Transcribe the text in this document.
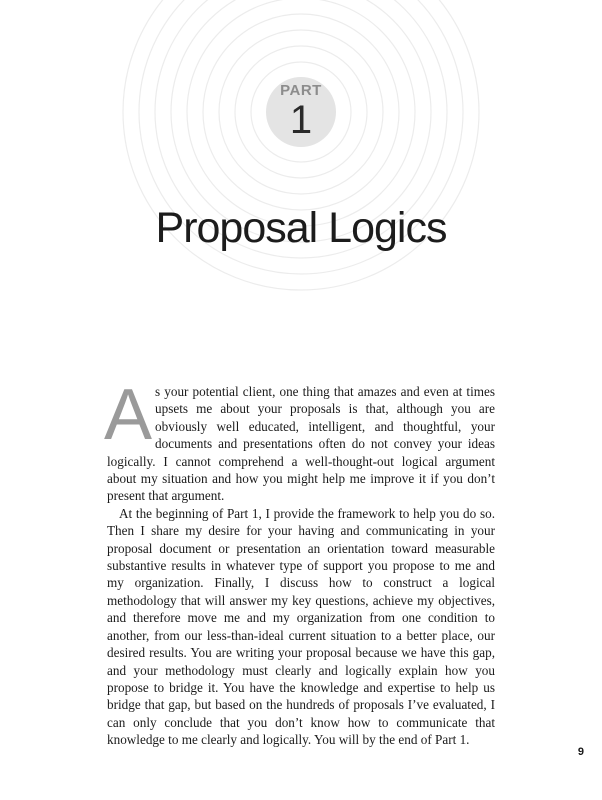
PART
1
Proposal Logics

As your potential client, one thing that amazes and even at times upsets me about your proposals is that, although you are obviously well educated, intelligent, and thoughtful, your documents and presentations often do not convey your ideas logically. I cannot comprehend a well-thought-out logical argument about my situation and how you might help me improve it if you don’t present that argument.

At the beginning of Part 1, I provide the framework to help you do so. Then I share my desire for your having and communicating in your proposal document or presentation an orientation toward measurable substantive results in whatever type of support you propose to me and my organization. Finally, I discuss how to construct a logical methodology that will answer my key questions, achieve my objectives, and therefore move me and my organization from one condition to another, from our less-than-ideal current situation to a better place, our desired results. You are writing your proposal because we have this gap, and your methodology must clearly and logically explain how you propose to bridge it. You have the knowledge and expertise to help us bridge that gap, but based on the hundreds of proposals I’ve evaluated, I can only conclude that you don’t know how to communicate that knowledge to me clearly and logically. You will by the end of Part 1.

9
